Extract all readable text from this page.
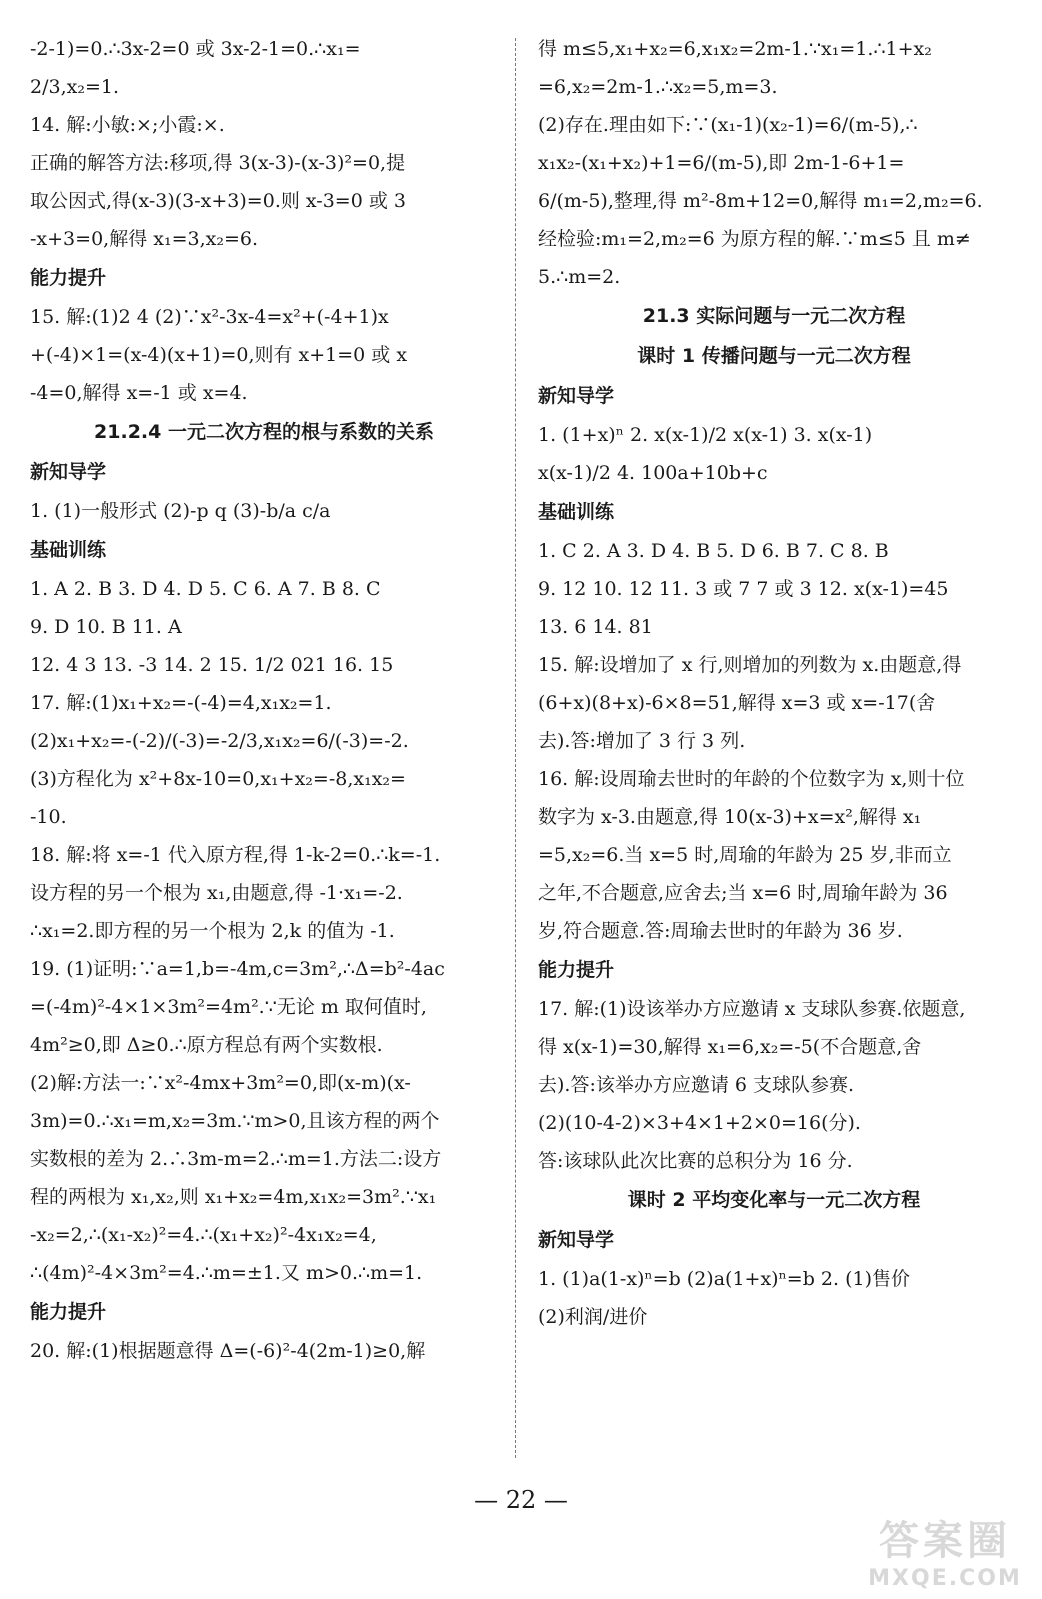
-2-1)=0.∴3x-2=0 或 3x-2-1=0.∴x₁=
2/3,x₂=1.
14. 解:小敏:×;小霞:×.
正确的解答方法:移项,得 3(x-3)-(x-3)²=0,提
取公因式,得(x-3)(3-x+3)=0.则 x-3=0 或 3
-x+3=0,解得 x₁=3,x₂=6.
能力提升
15. 解:(1)2 4 (2)∵x²-3x-4=x²+(-4+1)x
+(-4)×1=(x-4)(x+1)=0,则有 x+1=0 或 x
-4=0,解得 x=-1 或 x=4.
21.2.4 一元二次方程的根与系数的关系
新知导学
1. (1)一般形式 (2)-p q (3)-b/a c/a
基础训练
1. A 2. B 3. D 4. D 5. C 6. A 7. B 8. C
9. D 10. B 11. A
12. 4 3 13. -3 14. 2 15. 1/2 021 16. 15
17. 解:(1)x₁+x₂=-(-4)=4,x₁x₂=1.
(2)x₁+x₂=-(-2)/(-3)=-2/3,x₁x₂=6/(-3)=-2.
(3)方程化为 x²+8x-10=0,x₁+x₂=-8,x₁x₂=
-10.
18. 解:将 x=-1 代入原方程,得 1-k-2=0.∴k=-1.
设方程的另一个根为 x₁,由题意,得 -1·x₁=-2.
∴x₁=2.即方程的另一个根为 2,k 的值为 -1.
19. (1)证明:∵a=1,b=-4m,c=3m²,∴Δ=b²-4ac
=(-4m)²-4×1×3m²=4m².∵无论 m 取何值时,
4m²≥0,即 Δ≥0.∴原方程总有两个实数根.
(2)解:方法一:∵x²-4mx+3m²=0,即(x-m)(x-
3m)=0.∴x₁=m,x₂=3m.∵m>0,且该方程的两个
实数根的差为 2.∴3m-m=2.∴m=1.方法二:设方
程的两根为 x₁,x₂,则 x₁+x₂=4m,x₁x₂=3m².∵x₁
-x₂=2,∴(x₁-x₂)²=4.∴(x₁+x₂)²-4x₁x₂=4,
∴(4m)²-4×3m²=4.∴m=±1.又 m>0.∴m=1.
能力提升
20. 解:(1)根据题意得 Δ=(-6)²-4(2m-1)≥0,解
得 m≤5,x₁+x₂=6,x₁x₂=2m-1.∵x₁=1.∴1+x₂
=6,x₂=2m-1.∴x₂=5,m=3.
(2)存在.理由如下:∵(x₁-1)(x₂-1)=6/(m-5),∴
x₁x₂-(x₁+x₂)+1=6/(m-5),即 2m-1-6+1=
6/(m-5),整理,得 m²-8m+12=0,解得 m₁=2,m₂=6.
经检验:m₁=2,m₂=6 为原方程的解.∵m≤5 且 m≠
5.∴m=2.
21.3 实际问题与一元二次方程
课时 1 传播问题与一元二次方程
新知导学
1. (1+x)ⁿ 2. x(x-1)/2 x(x-1) 3. x(x-1)
x(x-1)/2 4. 100a+10b+c
基础训练
1. C 2. A 3. D 4. B 5. D 6. B 7. C 8. B
9. 12 10. 12 11. 3 或 7 7 或 3 12. x(x-1)=45
13. 6 14. 81
15. 解:设增加了 x 行,则增加的列数为 x.由题意,得
(6+x)(8+x)-6×8=51,解得 x=3 或 x=-17(舍
去).答:增加了 3 行 3 列.
16. 解:设周瑜去世时的年龄的个位数字为 x,则十位
数字为 x-3.由题意,得 10(x-3)+x=x²,解得 x₁
=5,x₂=6.当 x=5 时,周瑜的年龄为 25 岁,非而立
之年,不合题意,应舍去;当 x=6 时,周瑜年龄为 36
岁,符合题意.答:周瑜去世时的年龄为 36 岁.
能力提升
17. 解:(1)设该举办方应邀请 x 支球队参赛.依题意,
得 x(x-1)=30,解得 x₁=6,x₂=-5(不合题意,舍
去).答:该举办方应邀请 6 支球队参赛.
(2)(10-4-2)×3+4×1+2×0=16(分).
答:该球队此次比赛的总积分为 16 分.
课时 2 平均变化率与一元二次方程
新知导学
1. (1)a(1-x)ⁿ=b (2)a(1+x)ⁿ=b 2. (1)售价
(2)利润/进价
— 22 —
答案圈
MXQE.COM
